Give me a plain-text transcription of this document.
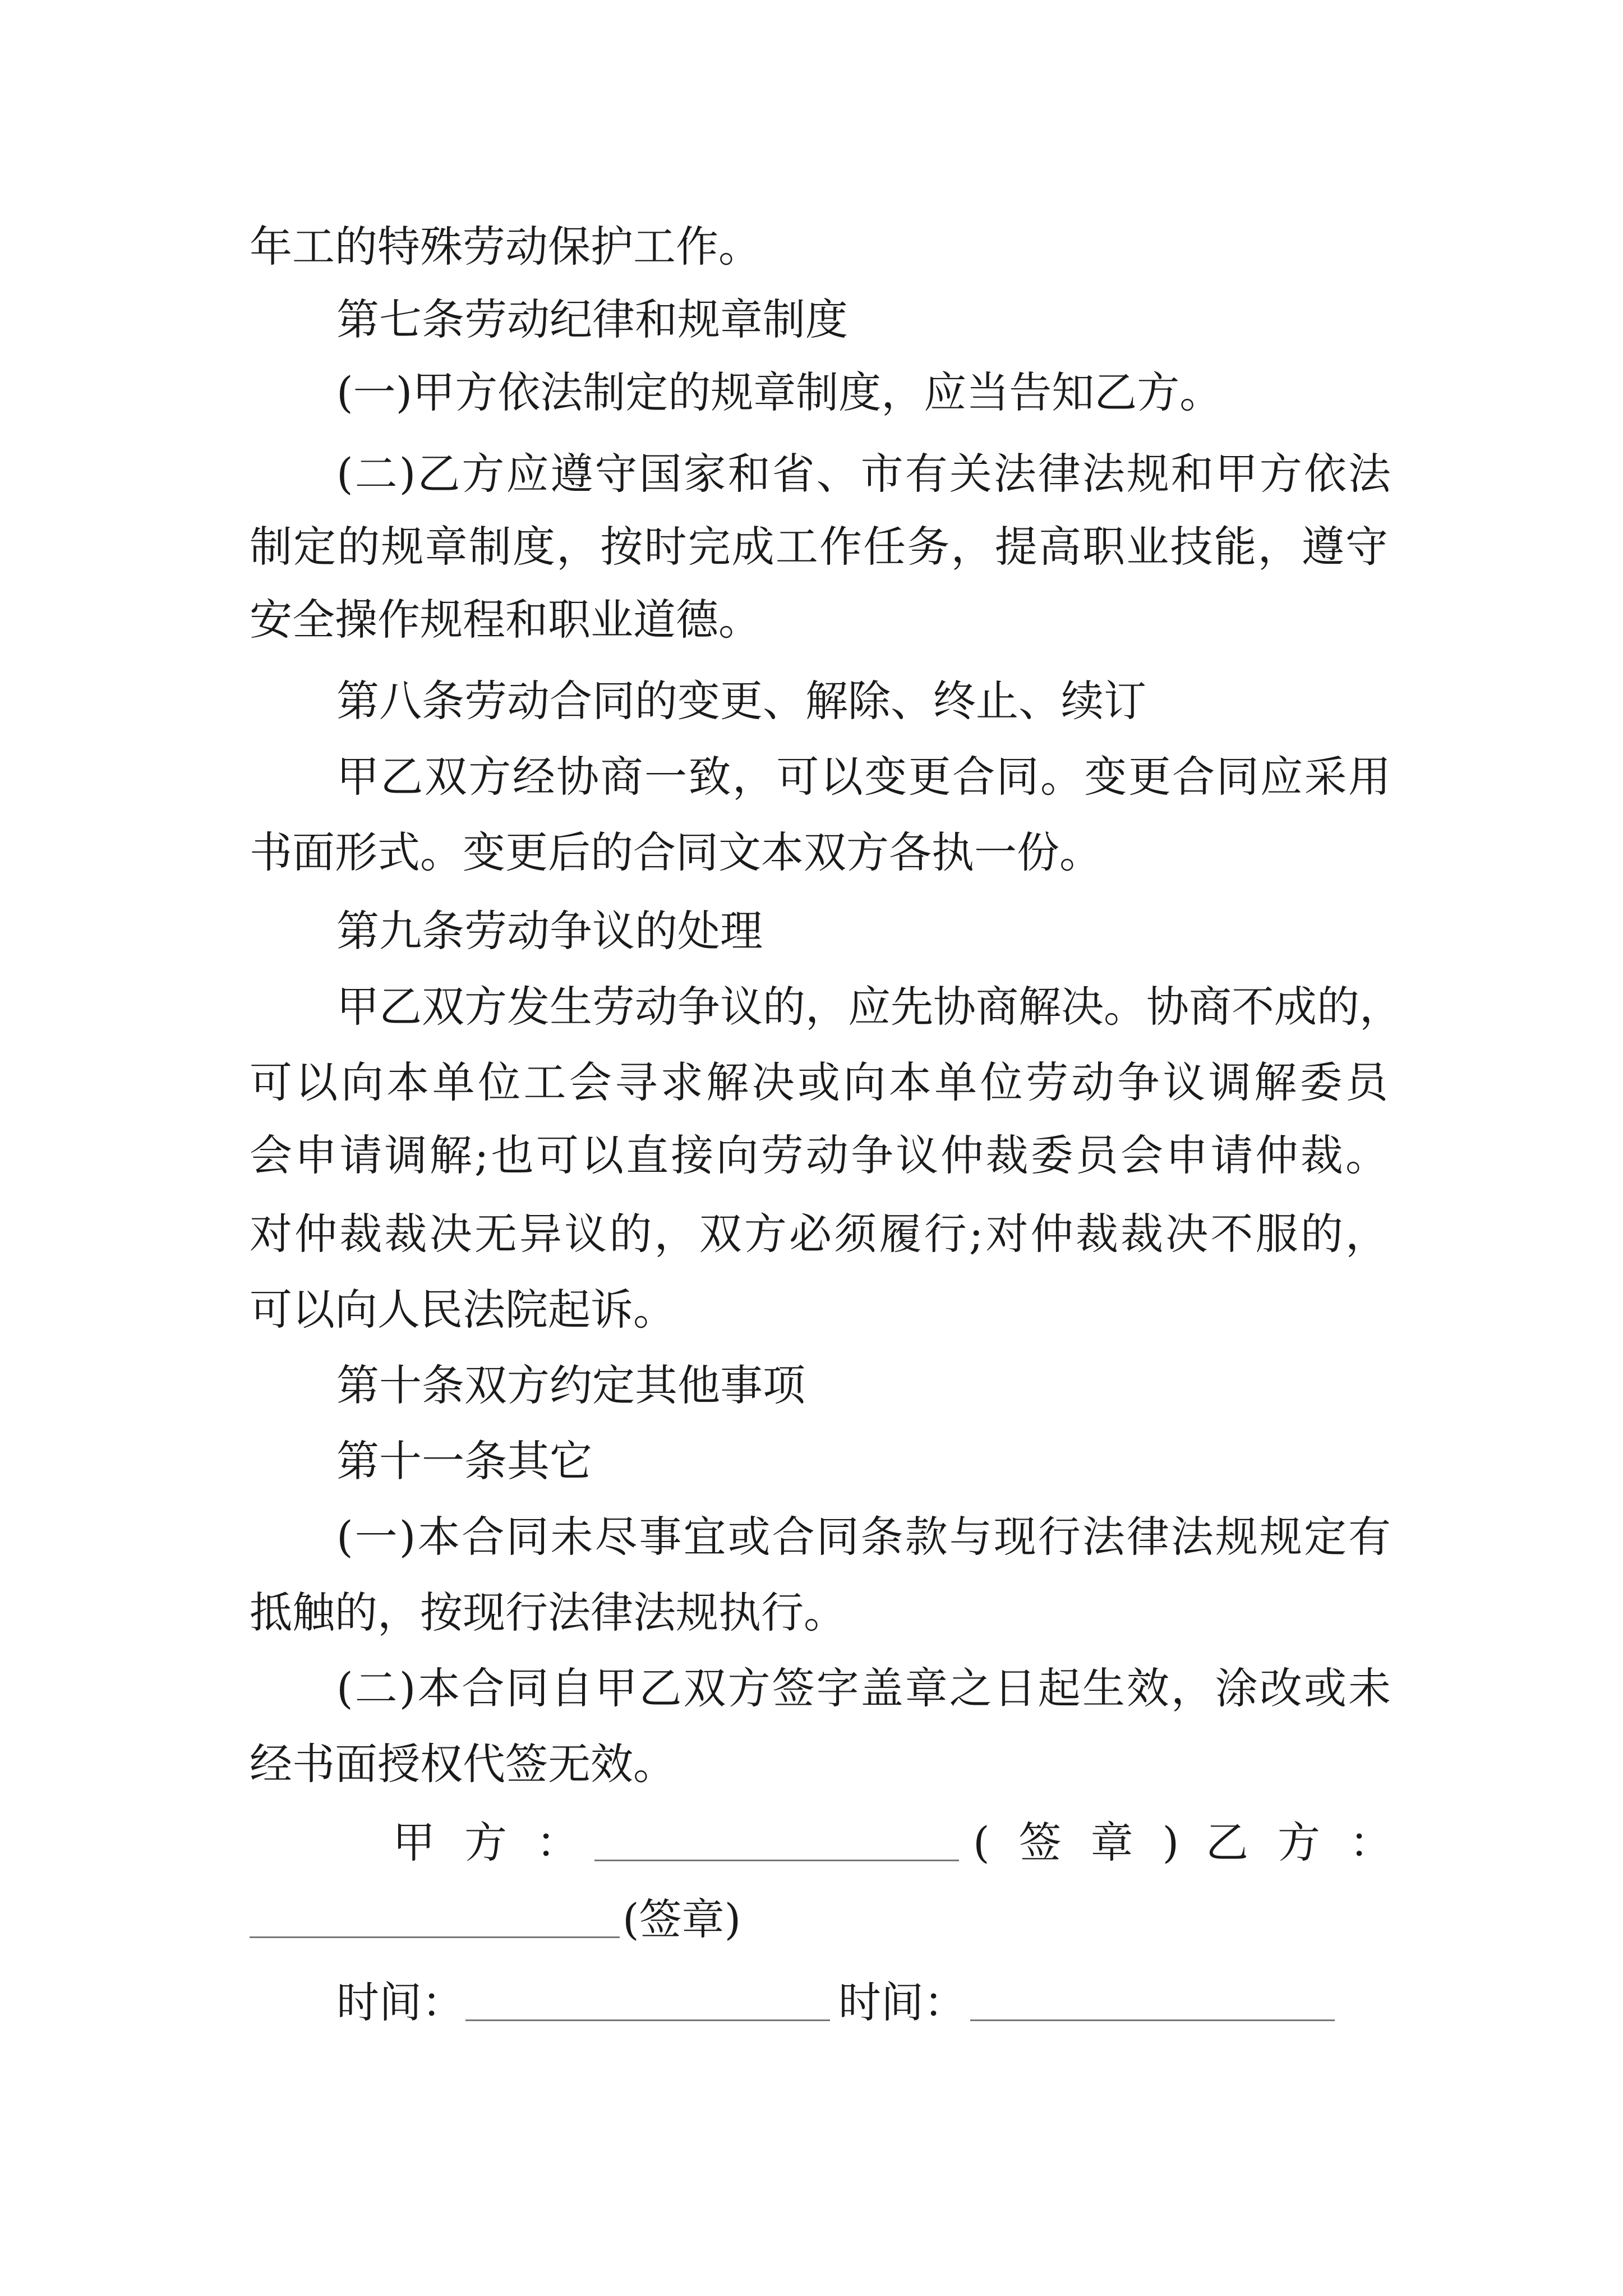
年工的特殊劳动保护工作。
第七条劳动纪律和规章制度
(一)甲方依法制定的规章制度，应当告知乙方。
(二)乙方应遵守国家和省、市有关法律法规和甲方依法
制定的规章制度，按时完成工作任务，提高职业技能，遵守
安全操作规程和职业道德。
第八条劳动合同的变更、解除、终止、续订
甲乙双方经协商一致，可以变更合同。变更合同应采用
书面形式。变更后的合同文本双方各执一份。
第九条劳动争议的处理
甲乙双方发生劳动争议的，应先协商解决。协商不成的，
可以向本单位工会寻求解决或向本单位劳动争议调解委员
会申请调解;也可以直接向劳动争议仲裁委员会申请仲裁。
对仲裁裁决无异议的，双方必须履行;对仲裁裁决不服的，
可以向人民法院起诉。
第十条双方约定其他事项
第十一条其它
(一)本合同未尽事宜或合同条款与现行法律法规规定有
抵触的，按现行法律法规执行。
(二)本合同自甲乙双方签字盖章之日起生效，涂改或未
经书面授权代签无效。
甲方：	(签章)
乙方：
(签章)
时间：	时间：
